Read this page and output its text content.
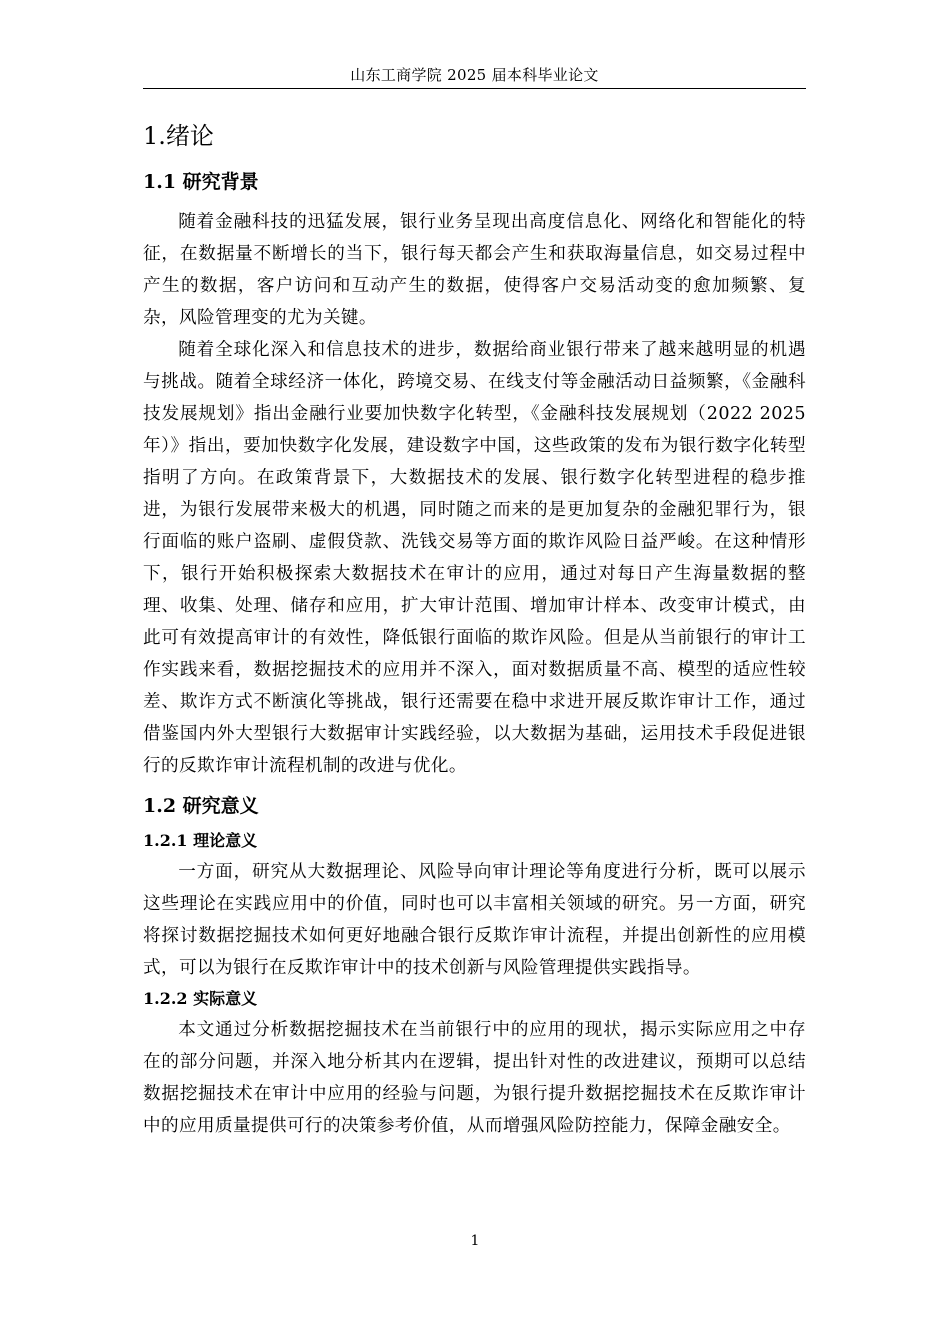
山东工商学院 2025 届本科毕业论文
1.绪论
1.1 研究背景

随着金融科技的迅猛发展，银行业务呈现出高度信息化、网络化和智能化的特征，在数据量不断增长的当下，银行每天都会产生和获取海量信息，如交易过程中产生的数据，客户访问和互动产生的数据，使得客户交易活动变的愈加频繁、复杂，风险管理变的尤为关键。

随着全球化深入和信息技术的进步，数据给商业银行带来了越来越明显的机遇与挑战。随着全球经济一体化，跨境交易、在线支付等金融活动日益频繁，《金融科技发展规划》指出金融行业要加快数字化转型，《金融科技发展规划（2022 2025 年）》指出，要加快数字化发展，建设数字中国，这些政策的发布为银行数字化转型指明了方向。在政策背景下，大数据技术的发展、银行数字化转型进程的稳步推进，为银行发展带来极大的机遇，同时随之而来的是更加复杂的金融犯罪行为，银行面临的账户盗刷、虚假贷款、洗钱交易等方面的欺诈风险日益严峻。在这种情形下，银行开始积极探索大数据技术在审计的应用，通过对每日产生海量数据的整理、收集、处理、储存和应用，扩大审计范围、增加审计样本、改变审计模式，由此可有效提高审计的有效性，降低银行面临的欺诈风险。但是从当前银行的审计工作实践来看，数据挖掘技术的应用并不深入，面对数据质量不高、模型的适应性较差、欺诈方式不断演化等挑战，银行还需要在稳中求进开展反欺诈审计工作，通过借鉴国内外大型银行大数据审计实践经验，以大数据为基础，运用技术手段促进银行的反欺诈审计流程机制的改进与优化。

1.2 研究意义
1.2.1 理论意义

一方面，研究从大数据理论、风险导向审计理论等角度进行分析，既可以展示这些理论在实践应用中的价值，同时也可以丰富相关领域的研究。另一方面，研究将探讨数据挖掘技术如何更好地融合银行反欺诈审计流程，并提出创新性的应用模式，可以为银行在反欺诈审计中的技术创新与风险管理提供实践指导。

1.2.2 实际意义

本文通过分析数据挖掘技术在当前银行中的应用的现状，揭示实际应用之中存在的部分问题，并深入地分析其内在逻辑，提出针对性的改进建议，预期可以总结数据挖掘技术在审计中应用的经验与问题，为银行提升数据挖掘技术在反欺诈审计中的应用质量提供可行的决策参考价值，从而增强风险防控能力，保障金融安全。

1
